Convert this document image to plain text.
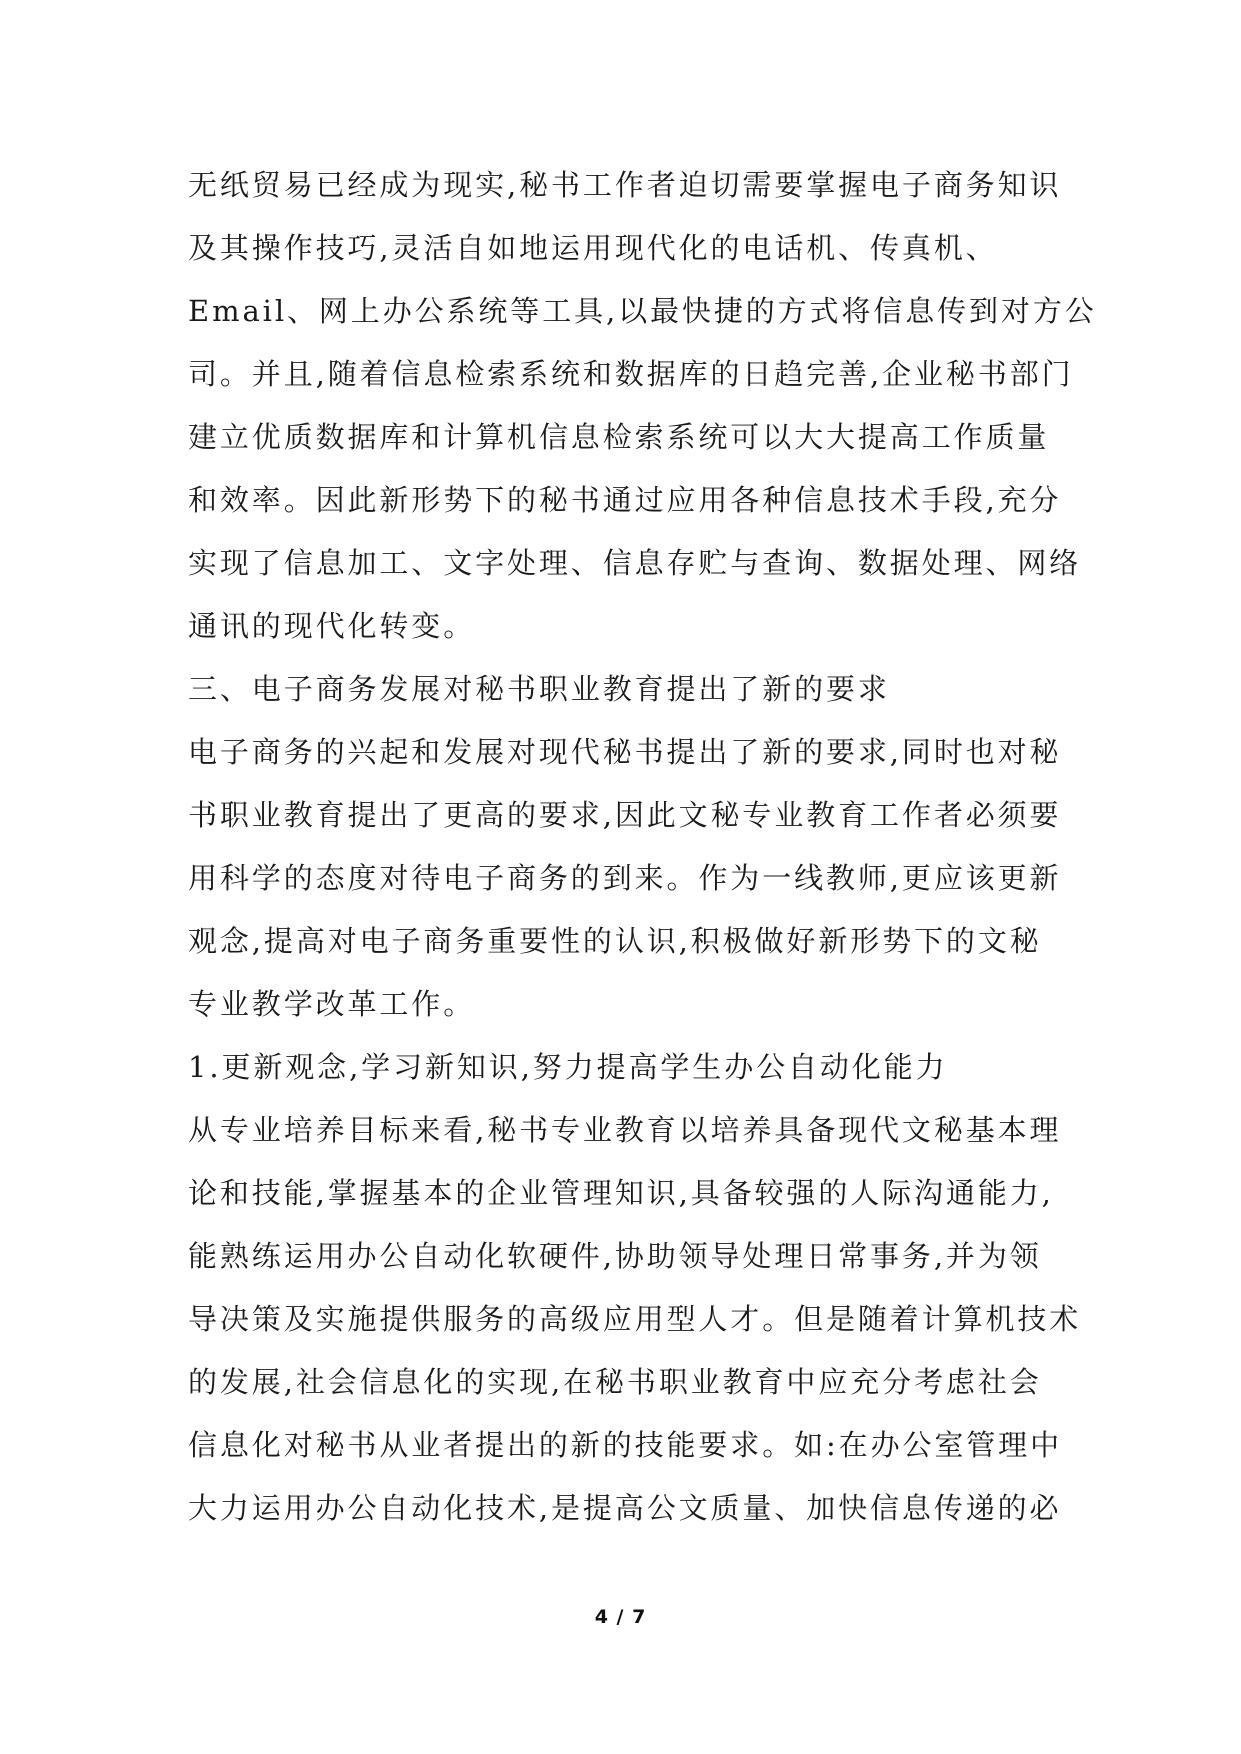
无纸贸易已经成为现实,秘书工作者迫切需要掌握电子商务知识
及其操作技巧,灵活自如地运用现代化的电话机、传真机、
Email、网上办公系统等工具,以最快捷的方式将信息传到对方公
司。并且,随着信息检索系统和数据库的日趋完善,企业秘书部门
建立优质数据库和计算机信息检索系统可以大大提高工作质量
和效率。因此新形势下的秘书通过应用各种信息技术手段,充分
实现了信息加工、文字处理、信息存贮与查询、数据处理、网络
通讯的现代化转变。
三、电子商务发展对秘书职业教育提出了新的要求
电子商务的兴起和发展对现代秘书提出了新的要求,同时也对秘
书职业教育提出了更高的要求,因此文秘专业教育工作者必须要
用科学的态度对待电子商务的到来。作为一线教师,更应该更新
观念,提高对电子商务重要性的认识,积极做好新形势下的文秘
专业教学改革工作。
1.更新观念,学习新知识,努力提高学生办公自动化能力
从专业培养目标来看,秘书专业教育以培养具备现代文秘基本理
论和技能,掌握基本的企业管理知识,具备较强的人际沟通能力,
能熟练运用办公自动化软硬件,协助领导处理日常事务,并为领
导决策及实施提供服务的高级应用型人才。但是随着计算机技术
的发展,社会信息化的实现,在秘书职业教育中应充分考虑社会
信息化对秘书从业者提出的新的技能要求。如:在办公室管理中
大力运用办公自动化技术,是提高公文质量、加快信息传递的必
4 / 7
